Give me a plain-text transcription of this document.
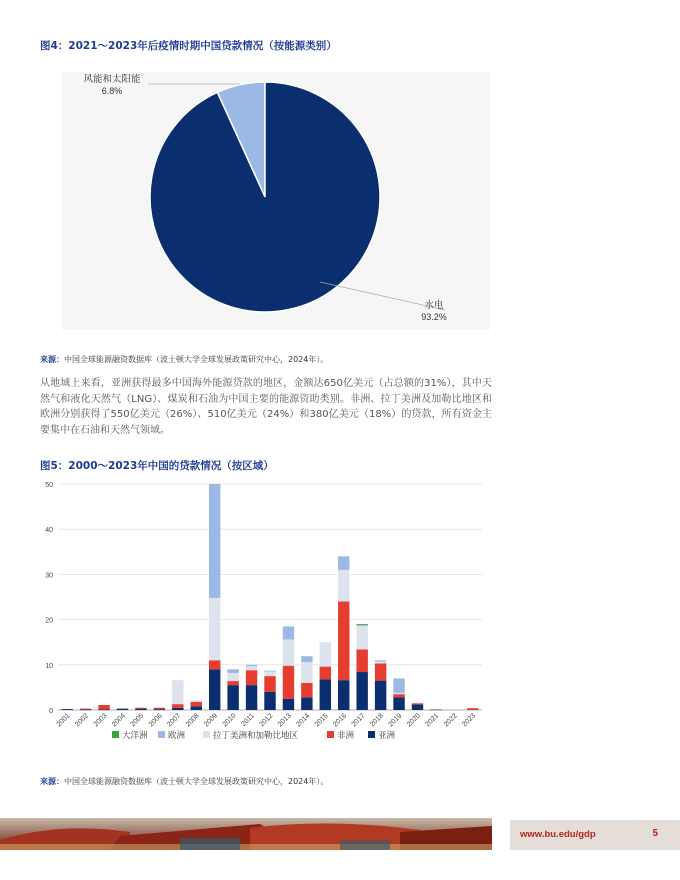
图4：2021～2023年后疫情时期中国贷款情况（按能源类别）
风能和太阳能
6.8%
水电
93.2%
来源：中国全球能源融资数据库（波士顿大学全球发展政策研究中心，2024年）。

从地域上来看，亚洲获得最多中国海外能源贷款的地区，金额达650亿美元（占总额的31%），其中天然气和液化天然气（LNG）、煤炭和石油为中国主要的能源资助类别。非洲、拉丁美洲及加勒比地区和欧洲分别获得了550亿美元（26%）、510亿美元（24%）和380亿美元（18%）的贷款，所有资金主要集中在石油和天然气领域。

图5：2000～2023年中国的贷款情况（按区域）
0
10
20
30
40
50
2001 2002 2003 2004 2005 2006 2007 2008 2009 2010 2011 2012 2013 2014 2015 2016 2017 2018 2019 2020 2021 2022 2023
大洋洲 欧洲	拉丁美洲和加勒比地区	非洲	亚洲
来源：中国全球能源融资数据库（波士顿大学全球发展政策研究中心，2024年）。
www.bu.edu/gdp	5
